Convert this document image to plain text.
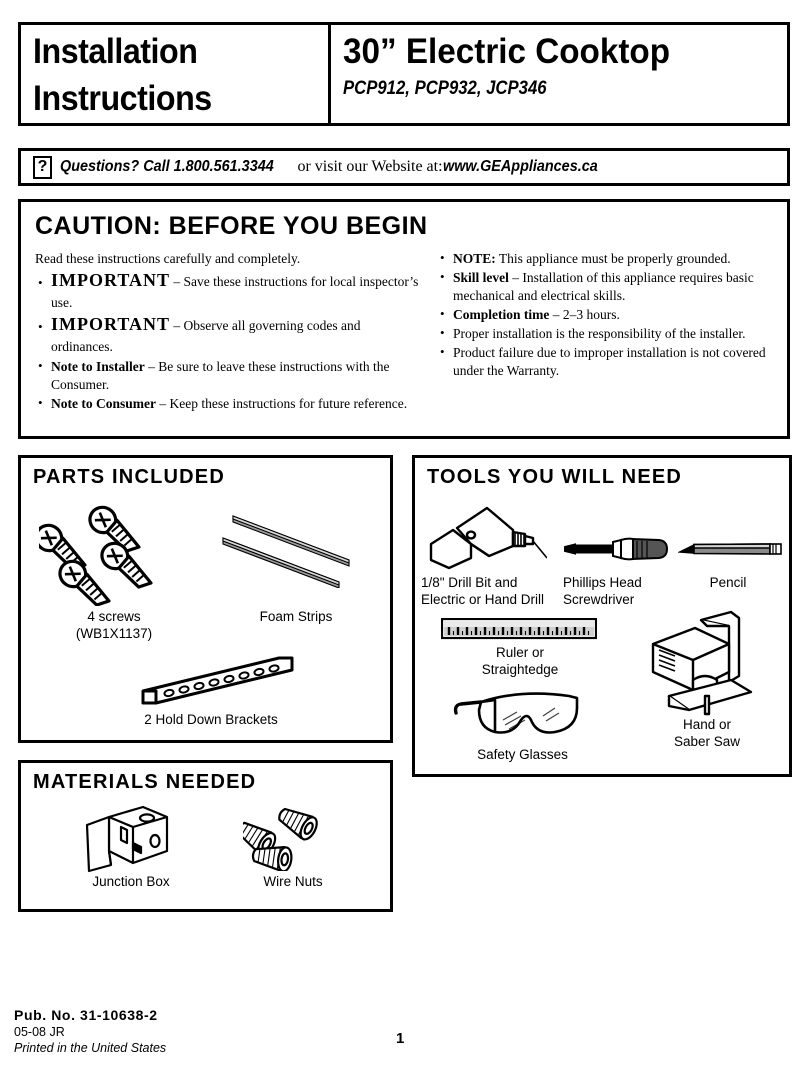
Installation
Instructions
30” Electric Cooktop
PCP912, PCP932, JCP346
? Questions? Call 1.800.561.3344 or visit our Website at: www.GEAppliances.ca
CAUTION: BEFORE YOU BEGIN
Read these instructions carefully and completely.
• IMPORTANT – Save these instructions for local inspector’s use.
• IMPORTANT – Observe all governing codes and ordinances.
• Note to Installer – Be sure to leave these instructions with the Consumer.
• Note to Consumer – Keep these instructions for future reference.
• NOTE: This appliance must be properly grounded.
• Skill level – Installation of this appliance requires basic mechanical and electrical skills.
• Completion time – 2–3 hours.
• Proper installation is the responsibility of the installer.
• Product failure due to improper installation is not covered under the Warranty.
PARTS INCLUDED
4 screws
(WB1X1137)
Foam Strips
2 Hold Down Brackets
TOOLS YOU WILL NEED
1/8" Drill Bit and
Electric or Hand Drill
Phillips Head
Screwdriver
Pencil
Ruler or
Straightedge
Safety Glasses
Hand or
Saber Saw
MATERIALS NEEDED
Junction Box	Wire Nuts
Pub. No. 31-10638-2
05-08 JR
Printed in the United States
1
